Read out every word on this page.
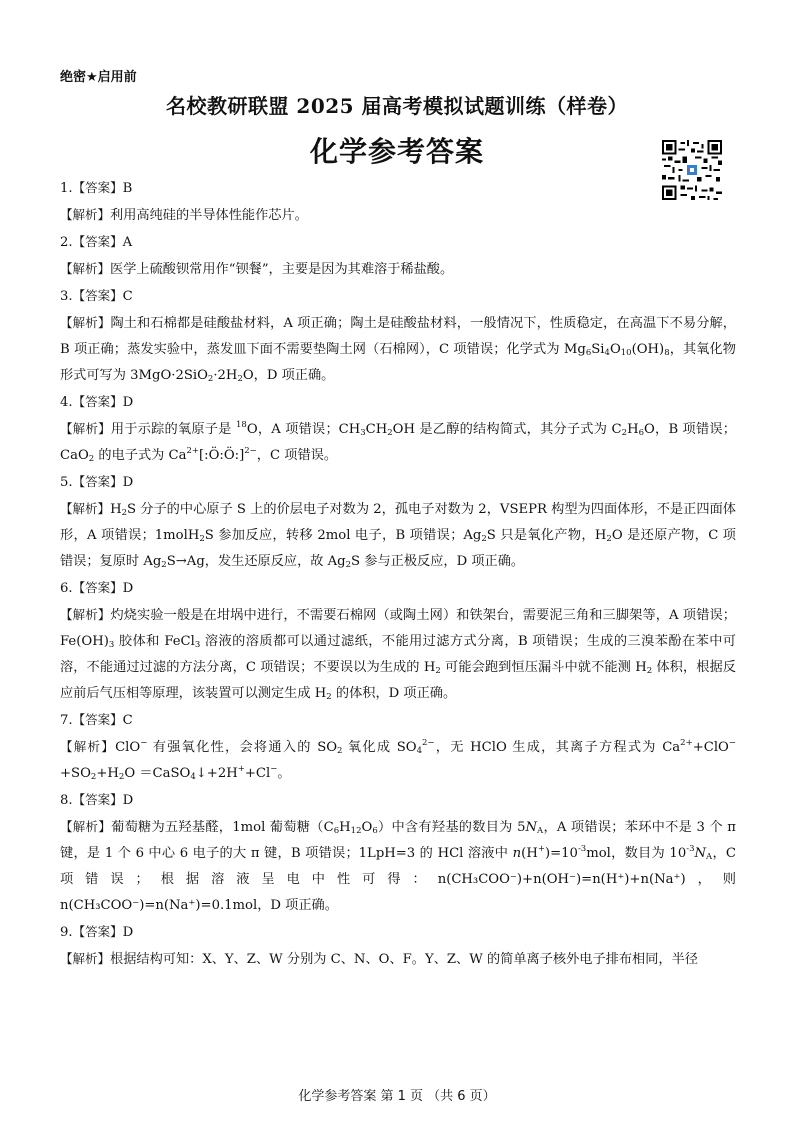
绝密★启用前
名校教研联盟 2025 届高考模拟试题训练（样卷）
化学参考答案

1.【答案】B

【解析】利用高纯硅的半导体性能作芯片。

2.【答案】A

【解析】医学上硫酸钡常用作“钡餐”，主要是因为其难溶于稀盐酸。

3.【答案】C

【解析】陶土和石棉都是硅酸盐材料，A 项正确；陶土是硅酸盐材料，一般情况下，性质稳定，在高温下不易分解，B 项正确；蒸发实验中，蒸发皿下面不需要垫陶土网（石棉网），C 项错误；化学式为 $Mg_6Si_4O_{10}(OH)_8$，其氧化物形式可写为 $3MgO\cdot 2SiO_2\cdot 2H_2O$，D 项正确。

4.【答案】D

【解析】用于示踪的氧原子是 $^{18}$O，A 项错误；$CH_3CH_2OH$ 是乙醇的结构简式，其分子式为 $C_2H_6O$，B 项错误；CaO$_2$ 的电子式为 $Ca^{2+}[:Ö:Ö:]^{2-}$，C 项错误。

5.【答案】D

【解析】$H_2S$ 分子的中心原子 S 上的价层电子对数为 2，孤电子对数为 2，VSEPR 构型为四面体形，不是正四面体形，A 项错误；1molH$_2$S 参加反应，转移 2mol 电子，B 项错误；$Ag_2S$ 只是氧化产物，$H_2O$ 是还原产物，C 项错误；复原时 $Ag_2S\to Ag$，发生还原反应，故 $Ag_2S$ 参与正极反应，D 项正确。

6.【答案】D

【解析】灼烧实验一般是在坩埚中进行，不需要石棉网（或陶土网）和铁架台，需要泥三角和三脚架等，A 项错误；$Fe(OH)_3$ 胶体和 FeCl$_3$ 溶液的溶质都可以通过滤纸，不能用过滤方式分离，B 项错误；生成的三溴苯酚在苯中可溶，不能通过过滤的方法分离，C 项错误；不要误以为生成的 $H_2$ 可能会跑到恒压漏斗中就不能测 $H_2$ 体积，根据反应前后气压相等原理，该装置可以测定生成 $H_2$ 的体积，D 项正确。

7.【答案】C

【解析】ClO− 有强氧化性，会将通入的 $SO_2$ 氧化成 $SO_4^{2-}$，无 HClO 生成，其离子方程式为 $Ca^{2+}+ClO^-+SO_2+H_2O$ ＝CaSO$_4$↓+2H++Cl−。

8.【答案】D

【解析】葡萄糖为五羟基醛，1mol 葡萄糖$(C_6H_{12}O_6)$中含有羟基的数目为 $5N_A$，A 项错误；苯环中不是 3 个 π 键，是 1 个 6 中心 6 电子的大 π 键，B 项错误；1LpH=3 的 HCl 溶液中 $n(H^+)=10^{-3}mol$，数目为 $10^{-3}N_A$，C 项错误；根据溶液呈电中性可得：n(CH₃COO⁻)+n(OH⁻)=n(H⁺)+n(Na⁺)，则 n(CH₃COO⁻)=n(Na⁺)=0.1mol，D 项正确。

9.【答案】D

【解析】根据结构可知：X、Y、Z、W 分别为 C、N、O、F。Y、Z、W 的简单离子核外电子排布相同，半径

化学参考答案 第 1 页 （共 6 页）
